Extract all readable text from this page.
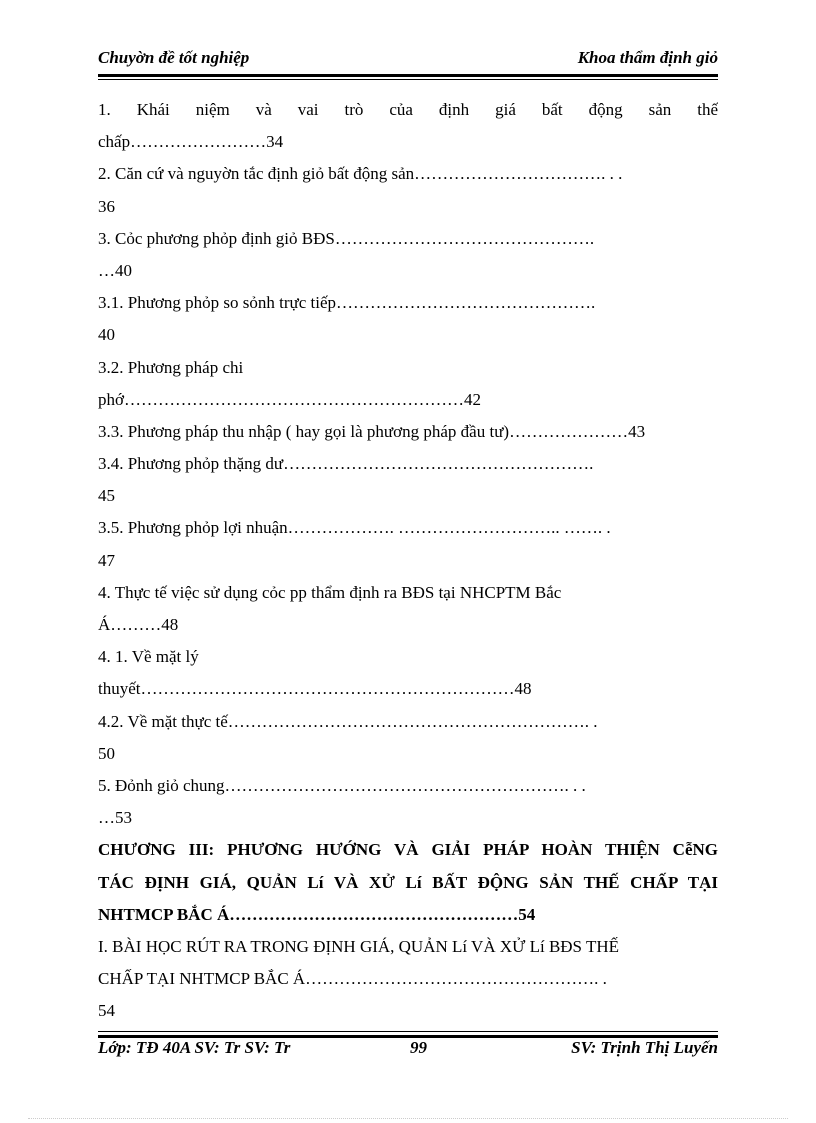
Chuyờn đề tốt nghiệp	Khoa thẩm định giỏ
1. Khái niệm và vai trò của định giá bất động sản thế
chấp……………………34
2. Căn cứ và nguyờn tắc định giỏ bất động sản……………………………. . .
36
3. Cỏc phương phỏp định giỏ BĐS……………………………………….
…40
3.1. Phương phỏp so sỏnh trực tiếp……………………………………….
40
3.2. Phương pháp chi
phớ……………………………………………………42
3.3. Phương pháp thu nhập ( hay gọi là phương pháp đầu tư)…………………43
3.4. Phương phỏp thặng dư……………………………………………….
45
3.5. Phương phỏp lợi nhuận………………. ……………………….. ……. .
47
4. Thực tế việc sử dụng cỏc pp thẩm định ra BĐS tại NHCPTM Bắc
Á………48
4. 1. Về mặt lý
thuyết…………………………………………………………48
4.2. Về mặt thực tế………………………………………………………. .
50
5. Đỏnh giỏ chung……………………………………………………. . .
…53
CHƯƠNG III: PHƯƠNG HƯỚNG VÀ GIẢI PHÁP HOÀN THIỆN CễNG
TÁC ĐỊNH GIÁ, QUẢN Lí VÀ XỬ Lí BẤT ĐỘNG SẢN THẾ CHẤP TẠI
NHTMCP BẮC Á……………………………………………54
I. BÀI HỌC RÚT RA TRONG ĐỊNH GIÁ, QUẢN Lí VÀ XỬ Lí BĐS THẾ
CHẤP TẠI NHTMCP BẮC Á……………………………………………. .
54
Lớp: TĐ 40A SV: Tr SV: Tr	99	SV: Trịnh Thị Luyến
